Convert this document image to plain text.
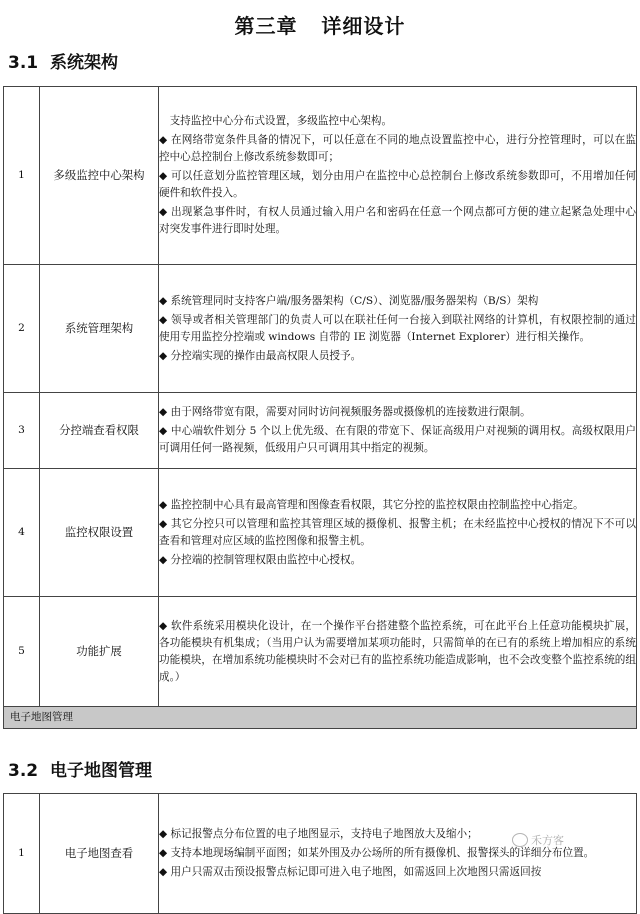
第三章   详细设计
3.1  系统架构
1	多级监控中心架构	　支持监控中心分布式设置，多级监控中心架构。

◆ 在网络带宽条件具备的情况下，可以任意在不同的地点设置监控中心，进行分控管理时，可以在监控中心总控制台上修改系统参数即可；

◆ 可以任意划分监控管理区域，划分由用户在监控中心总控制台上修改系统参数即可，不用增加任何硬件和软件投入。

◆ 出现紧急事件时，有权人员通过输入用户名和密码在任意一个网点都可方便的建立起紧急处理中心对突发事件进行即时处理。

2	系统管理架构	◆ 系统管理同时支持客户端/服务器架构（C/S）、浏览器/服务器架构（B/S）架构

◆ 领导或者相关管理部门的负责人可以在联社任何一台接入到联社网络的计算机，有权限控制的通过使用专用监控分控端或 windows 自带的 IE 浏览器（Internet Explorer）进行相关操作。

◆ 分控端实现的操作由最高权限人员授予。

3	分控端查看权限	◆ 由于网络带宽有限，需要对同时访问视频服务器或摄像机的连接数进行限制。

◆ 中心端软件划分 5 个以上优先级、在有限的带宽下、保证高级用户对视频的调用权。高级权限用户可调用任何一路视频，低级用户只可调用其中指定的视频。

4	监控权限设置	◆ 监控控制中心具有最高管理和图像查看权限，其它分控的监控权限由控制监控中心指定。

◆ 其它分控只可以管理和监控其管理区域的摄像机、报警主机；在未经监控中心授权的情况下不可以查看和管理对应区域的监控图像和报警主机。

◆ 分控端的控制管理权限由监控中心授权。

5	功能扩展	◆ 软件系统采用模块化设计，在一个操作平台搭建整个监控系统，可在此平台上任意功能模块扩展，各功能模块有机集成；（当用户认为需要增加某项功能时，只需简单的在已有的系统上增加相应的系统功能模块，在增加系统功能模块时不会对已有的监控系统功能造成影响，也不会改变整个监控系统的组成。）

电子地图管理		
3.2  电子地图管理
1	电子地图查看	

◆ 标记报警点分布位置的电子地图显示，支持电子地图放大及缩小；

◆ 支持本地现场编制平面图；如某外围及办公场所的所有摄像机、报警探头的详细分布位置。

◆ 用户只需双击预设报警点标记即可进入电子地图，如需返回上次地图只需返回按

禾方客
